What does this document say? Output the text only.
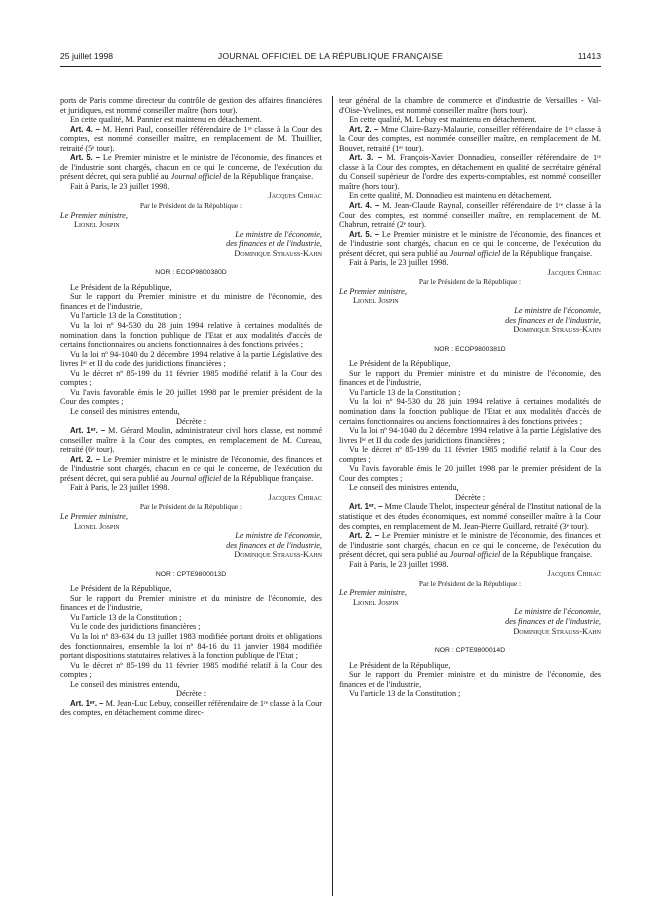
25 juillet 1998	JOURNAL OFFICIEL DE LA RÉPUBLIQUE FRANÇAISE	11413

ports de Paris comme directeur du contrôle de gestion des affaires financières et juridiques, est nommé conseiller maître (hors tour).

En cette qualité, M. Pannier est maintenu en détachement.

Art. 4. – M. Henri Paul, conseiller référendaire de 1ʳᵉ classe à la Cour des comptes, est nommé conseiller maître, en remplacement de M. Thuillier, retraité (5ᵉ tour).

Art. 5. – Le Premier ministre et le ministre de l'économie, des finances et de l'industrie sont chargés, chacun en ce qui le concerne, de l'exécution du présent décret, qui sera publié au Journal officiel de la République française.

Fait à Paris, le 23 juillet 1998.

Jacques Chirac

Par le Président de la République :

Le Premier ministre,

Lionel Jospin

Le ministre de l'économie,

des finances et de l'industrie,

Dominique Strauss-Kahn

NOR : ECOP9800380D

Le Président de la République,

Sur le rapport du Premier ministre et du ministre de l'économie, des finances et de l'industrie,

Vu l'article 13 de la Constitution ;

Vu la loi nº 94-530 du 28 juin 1994 relative à certaines modalités de nomination dans la fonction publique de l'Etat et aux modalités d'accès de certains fonctionnaires ou anciens fonctionnaires à des fonctions privées ;

Vu la loi nº 94-1040 du 2 décembre 1994 relative à la partie Législative des livres Iᵉʳ et II du code des juridictions financières ;

Vu le décret nº 85-199 du 11 février 1985 modifié relatif à la Cour des comptes ;

Vu l'avis favorable émis le 20 juillet 1998 par le premier président de la Cour des comptes ;

Le conseil des ministres entendu,

Décrète :

Art. 1ᵉʳ. – M. Gérard Moulin, administrateur civil hors classe, est nommé conseiller maître à la Cour des comptes, en remplacement de M. Cureau, retraité (6ᵉ tour).

Art. 2. – Le Premier ministre et le ministre de l'économie, des finances et de l'industrie sont chargés, chacun en ce qui le concerne, de l'exécution du présent décret, qui sera publié au Journal officiel de la République française.

Fait à Paris, le 23 juillet 1998.

Jacques Chirac

Par le Président de la République :

Le Premier ministre,

Lionel Jospin

Le ministre de l'économie,

des finances et de l'industrie,

Dominique Strauss-Kahn

NOR : CPTE9800013D

Le Président de la République,

Sur le rapport du Premier ministre et du ministre de l'économie, des finances et de l'industrie,

Vu l'article 13 de la Constitution ;

Vu le code des juridictions financières ;

Vu la loi nº 83-634 du 13 juillet 1983 modifiée portant droits et obligations des fonctionnaires, ensemble la loi nº 84-16 du 11 janvier 1984 modifiée portant dispositions statutaires relatives à la fonction publique de l'Etat ;

Vu le décret nº 85-199 du 11 février 1985 modifié relatif à la Cour des comptes ;

Le conseil des ministres entendu,

Décrète :

Art. 1ᵉʳ. – M. Jean-Luc Lebuy, conseiller référendaire de 1ʳᵉ classe à la Cour des comptes, en détachement comme direc-

teur général de la chambre de commerce et d'industrie de Versailles - Val-d'Oise-Yvelines, est nommé conseiller maître (hors tour).

En cette qualité, M. Lebuy est maintenu en détachement.

Art. 2. – Mme Claire-Bazy-Malaurie, conseiller référendaire de 1ʳᵉ classe à la Cour des comptes, est nommée conseiller maître, en remplacement de M. Bouvet, retraité (1ᵉʳ tour).

Art. 3. – M. François-Xavier Donnadieu, conseiller référendaire de 1ʳᵉ classe à la Cour des comptes, en détachement en qualité de secrétaire général du Conseil supérieur de l'ordre des experts-comptables, est nommé conseiller maître (hors tour).

En cette qualité, M. Donnadieu est maintenu en détachement.

Art. 4. – M. Jean-Claude Raynal, conseiller référendaire de 1ʳᵉ classe à la Cour des comptes, est nommé conseiller maître, en remplacement de M. Chabrun, retraité (2ᵉ tour).

Art. 5. – Le Premier ministre et le ministre de l'économie, des finances et de l'industrie sont chargés, chacun en ce qui le concerne, de l'exécution du présent décret, qui sera publié au Journal officiel de la République française.

Fait à Paris, le 23 juillet 1998.

Jacques Chirac

Par le Président de la République :

Le Premier ministre,

Lionel Jospin

Le ministre de l'économie,

des finances et de l'industrie,

Dominique Strauss-Kahn

NOR : ECOP9800381D

Le Président de la République,

Sur le rapport du Premier ministre et du ministre de l'économie, des finances et de l'industrie,

Vu l'article 13 de la Constitution ;

Vu la loi nº 94-530 du 28 juin 1994 relative à certaines modalités de nomination dans la fonction publique de l'Etat et aux modalités d'accès de certains fonctionnaires ou anciens fonctionnaires à des fonctions privées ;

Vu la loi nº 94-1040 du 2 décembre 1994 relative à la partie Législative des livres Iᵉʳ et II du code des juridictions financières ;

Vu le décret nº 85-199 du 11 février 1985 modifié relatif à la Cour des comptes ;

Vu l'avis favorable émis le 20 juillet 1998 par le premier président de la Cour des comptes ;

Le conseil des ministres entendu,

Décrète :

Art. 1ᵉʳ. – Mme Claude Thelot, inspecteur général de l'Institut national de la statistique et des études économiques, est nommé conseiller maître à la Cour des comptes, en remplacement de M. Jean-Pierre Guillard, retraité (3ᵉ tour).

Art. 2. – Le Premier ministre et le ministre de l'économie, des finances et de l'industrie sont chargés, chacun en ce qui le concerne, de l'exécution du présent décret, qui sera publié au Journal officiel de la République française.

Fait à Paris, le 23 juillet 1998.

Jacques Chirac

Par le Président de la République :

Le Premier ministre,

Lionel Jospin

Le ministre de l'économie,

des finances et de l'industrie,

Dominique Strauss-Kahn

NOR : CPTE9800014D

Le Président de la République,

Sur le rapport du Premier ministre et du ministre de l'économie, des finances et de l'industrie,

Vu l'article 13 de la Constitution ;
